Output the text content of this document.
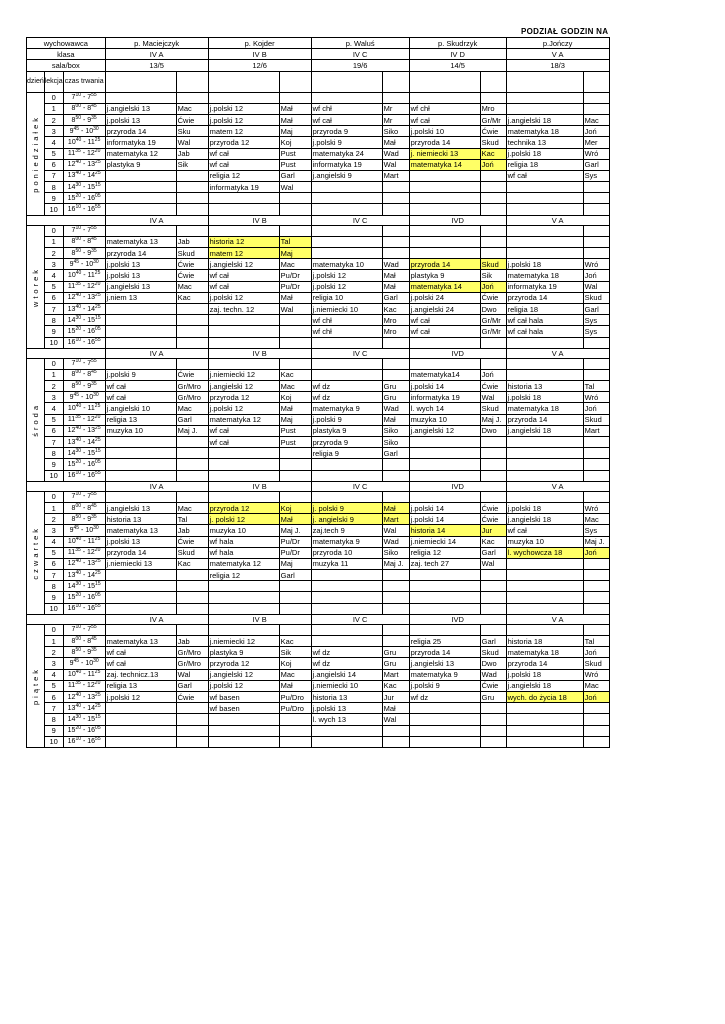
PODZIAŁ GODZIN NA
wychowawca			p. Maciejczyk		p. Kojder		p. Waluś		p. Skudrzyk		p.Jończy	
klasa			IV A		IV B		IV C		IV D		V A	
sala/box			13/5		12/6		19/6		14/5		18/3	
dzień	lekcja	czas trwania										

poniedziałek	0	$7^{10} - 7^{55}$										
	1	$8^{00} - 8^{45}$	j.angielski 13	Mac	j.polski 12	Mał	wf chł	Mr	wf chł	Mro		
	2	$8^{50} - 9^{35}$	j.polski 13	Ćwie	j.polski 12	Mał	wf cał	Mr	wf cał	Gr/Mr	j.angielski 18	Mac
	3	$9^{45} - 10^{30}$	przyroda 14	Sku	matem 12	Maj	przyroda 9	Siko	j.polski 10	Ćwie	matematyka 18	Joń
	4	$10^{40} - 11^{25}$	informatyka 19	Wal	przyroda 12	Koj	j.polski 9	Mał	przyroda 14	Skud	technika 13	Mer
	5	$11^{35} - 12^{20}$	matematyka 12	Jab	wf cał	Pust	matematyka 24	Wad	j. niemiecki 13	Kac	j.polski 18	Wró
	6	$12^{40} - 13^{25}$	plastyka 9	Sik	wf cał	Pust	informatyka 19	Wal	matematyka 14	Joń	religia 18	Garl
	7	$13^{40} - 14^{25}$			religia 12	Garl	j.angielski 9	Mart			wf cał	Sys
	8	$14^{30} - 15^{15}$			informatyka 19	Wal						
	9	$15^{20} - 16^{05}$										
	10	$16^{10} - 16^{55}$										
			IV A		IV B		IV C		IVD		V A	

wtorek	0	$7^{10} - 7^{55}$										
	1	$8^{00} - 8^{45}$	matematyka 13	Jab	historia 12	Tal						
	2	$8^{50} - 9^{35}$	przyroda 14	Skud	matem 12	Maj						
	3	$9^{45} - 10^{30}$	j.polski 13	Ćwie	j.angielski 12	Mac	matematyka 10	Wad	przyroda 14	Skud	j.polski 18	Wró
	4	$10^{40} - 11^{25}$	j.polski 13	Ćwie	wf cał	Pu/Dr	j.polski 12	Mał	plastyka 9	Sik	matematyka 18	Joń
	5	$11^{35} - 12^{20}$	j.angielski 13	Mac	wf cał	Pu/Dr	j.polski 12	Mał	matematyka 14	Joń	informatyka 19	Wal
	6	$12^{40} - 13^{25}$	j.niem 13	Kac	j.polski 12	Mał	religia 10	Garl	j.polski 24	Ćwie	przyroda 14	Skud
	7	$13^{40} - 14^{25}$			zaj. techn. 12	Wal	j.niemiecki 10	Kac	j.angielski 24	Dwo	religia 18	Garl
	8	$14^{30} - 15^{15}$					wf chł	Mro	wf cał	Gr/Mr	wf cał hala	Sys
	9	$15^{20} - 16^{05}$					wf chł	Mro	wf cał	Gr/Mr	wf cał hala	Sys
	10	$16^{10} - 16^{55}$										
			IV A		IV B		IV C		IVD		V A	

środa	0	$7^{10} - 7^{55}$										
	1	$8^{00} - 8^{45}$	j.polski 9	Ćwie	j.niemiecki 12	Kac			matematyka14	Joń		
	2	$8^{50} - 9^{35}$	wf cał	Gr/Mro	j.angielski 12	Mac	wf dz	Gru	j.polski 14	Ćwie	historia 13	Tal
	3	$9^{45} - 10^{30}$	wf cał	Gr/Mro	przyroda 12	Koj	wf dz	Gru	informatyka 19	Wal	j.polski 18	Wró
	4	$10^{40} - 11^{25}$	j.angielski 10	Mac	j.polski 12	Mał	matematyka 9	Wad	l. wych 14	Skud	matematyka 18	Joń
	5	$11^{35} - 12^{20}$	religia 13	Garl	matematyka 12	Maj	j.polski 9	Mał	muzyka 10	Maj J.	przyroda 14	Skud
	6	$12^{40} - 13^{25}$	muzyka 10	Maj J.	wf cał	Pust	plastyka 9	Siko	j.angielski 12	Dwo	j.angielski 18	Mart
	7	$13^{40} - 14^{25}$			wf cał	Pust	przyroda 9	Siko				
	8	$14^{30} - 15^{15}$					religia 9	Garl				
	9	$15^{20} - 16^{05}$										
	10	$16^{10} - 16^{55}$										
			IV A		IV B		IV C		IVD		V A	

czwartek	0	$7^{10} - 7^{55}$										
	1	$8^{00} - 8^{45}$	j.angielski 13	Mac	przyroda 12	Koj	j. polski 9	Mał	j.polski 14	Ćwie	j.polski 18	Wró
	2	$8^{50} - 9^{35}$	historia 13	Tal	j. polski 12	Mał	j. angielski 9	Mart	j.polski 14	Ćwie	j.angielski 18	Mac
	3	$9^{45} - 10^{30}$	matematyka 13	Jab	muzyka 10	Maj J.	zaj.tech 9	Wal	historia 14	Jur	wf cał	Sys
	4	$10^{40} - 11^{25}$	j.polski 13	Ćwie	wf hala	Pu/Dr	matematyka 9	Wad	j.niemiecki 14	Kac	muzyka 10	Maj J.
	5	$11^{35} - 12^{20}$	przyroda 14	Skud	wf hala	Pu/Dr	przyroda 10	Siko	religia 12	Garl	l. wychowcza 18	Joń
	6	$12^{40} - 13^{25}$	j.niemiecki 13	Kac	matematyka 12	Maj	muzyka 11	Maj J.	zaj. tech 27	Wal		
	7	$13^{40} - 14^{25}$			religia 12	Garl						
	8	$14^{30} - 15^{15}$										
	9	$15^{20} - 16^{05}$										
	10	$16^{10} - 16^{55}$										
			IV A		IV B		IV C		IVD		V A	

piątek	0	$7^{10} - 7^{55}$										
	1	$8^{00} - 8^{45}$	matematyka 13	Jab	j.niemiecki 12	Kac			religia 25	Garl	historia 18	Tal
	2	$8^{50} - 9^{35}$	wf cał	Gr/Mro	plastyka 9	Sik	wf dz	Gru	przyroda 14	Skud	matematyka 18	Joń
	3	$9^{45} - 10^{30}$	wf cał	Gr/Mro	przyroda 12	Koj	wf dz	Gru	j.angielski 13	Dwo	przyroda 14	Skud
	4	$10^{40} - 11^{25}$	zaj. technicz.13	Wal	j.angielski 12	Mac	j.angielski 14	Mart	matematyka 9	Wad	j.polski 18	Wró
	5	$11^{35} - 12^{20}$	religia 13	Garl	j.polski 12	Mał	j.niemiecki 10	Kac	j.polski 9	Ćwie	j.angielski 18	Mac
	6	$12^{40} - 13^{25}$	j.polski 12	Ćwie	wf basen	Pu/Dro	historia 13	Jur	wf dz	Gru	wych. do życia 18	Joń
	7	$13^{40} - 14^{25}$			wf basen	Pu/Dro	j.polski 13	Mał				
	8	$14^{30} - 15^{15}$					l. wych 13	Wal				
	9	$15^{20} - 16^{05}$										
	10	$16^{10} - 16^{55}$										
